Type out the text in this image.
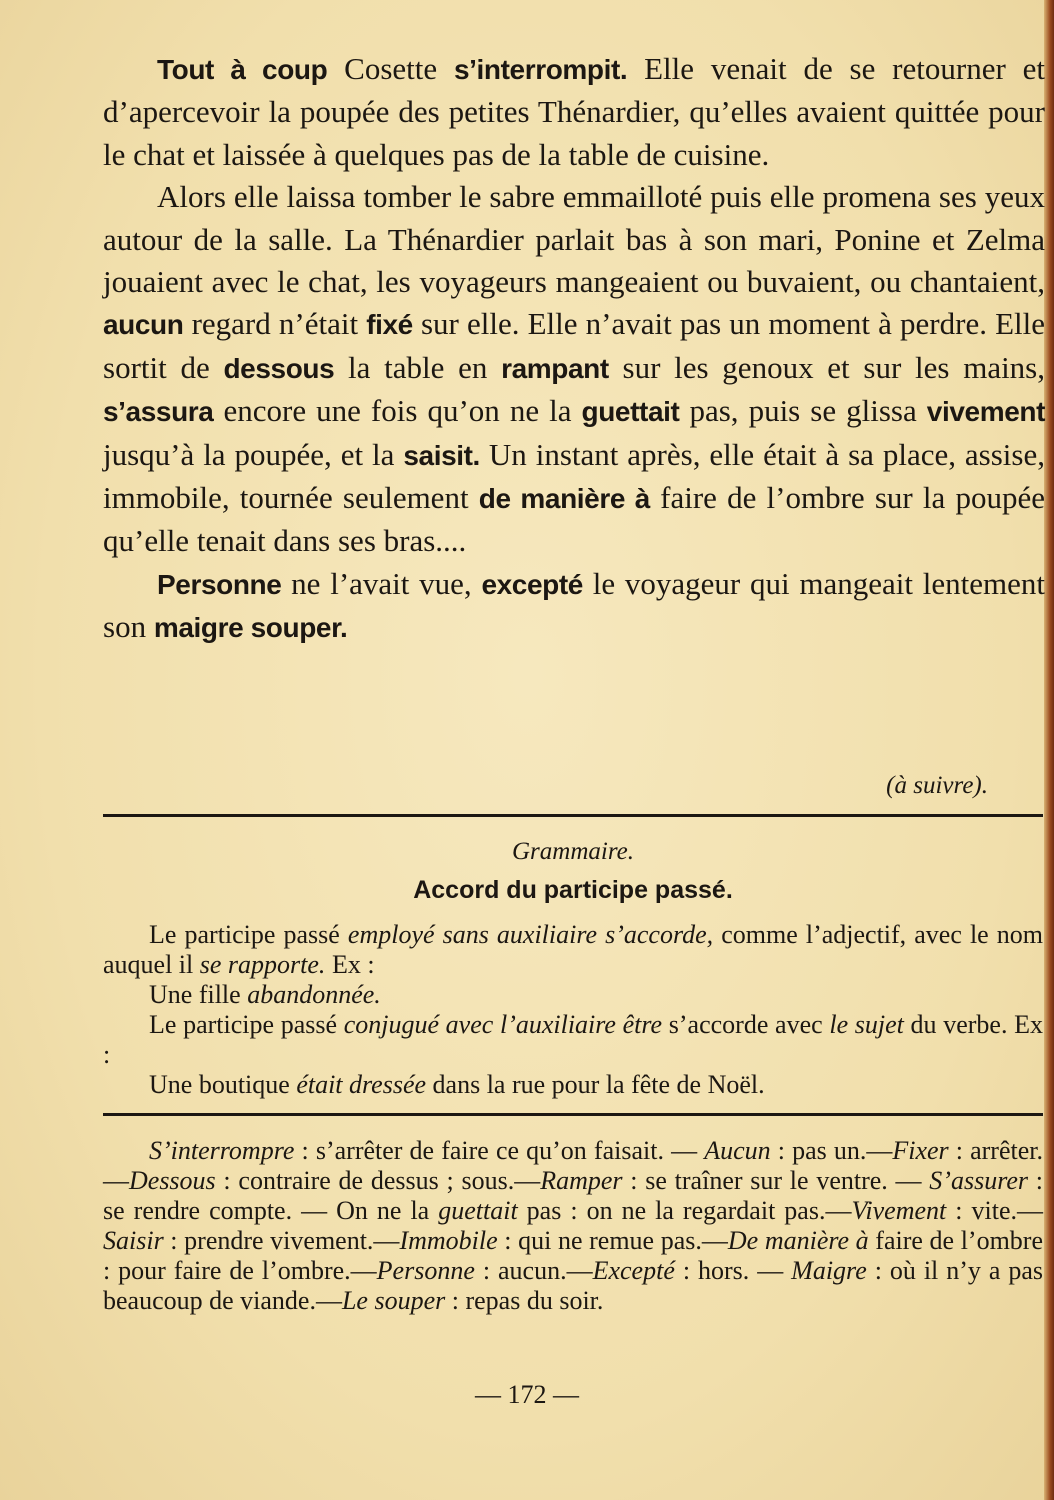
Tout à coup Cosette s’interrompit. Elle venait de se retourner et d’apercevoir la poupée des petites Thénardier, qu’elles avaient quittée pour le chat et laissée à quelques pas de la table de cuisine.

Alors elle laissa tomber le sabre emmailloté puis elle promena ses yeux autour de la salle. La Thénardier parlait bas à son mari, Ponine et Zelma jouaient avec le chat, les voyageurs mangeaient ou buvaient, ou chantaient, aucun regard n’était fixé sur elle. Elle n’avait pas un moment à perdre. Elle sortit de dessous la table en rampant sur les genoux et sur les mains, s’assura encore une fois qu’on ne la guettait pas, puis se glissa vivement jusqu’à la poupée, et la saisit. Un instant après, elle était à sa place, assise, immobile, tournée seulement de manière à faire de l’ombre sur la poupée qu’elle tenait dans ses bras....

Personne ne l’avait vue, excepté le voyageur qui mangeait lentement son maigre souper.

(à suivre).
Grammaire.
Accord du participe passé.

Le participe passé employé sans auxiliaire s’accorde, comme l’adjectif, avec le nom auquel il se rapporte. Ex :

Une fille abandonnée.

Le participe passé conjugué avec l’auxiliaire être s’accorde avec le sujet du verbe. Ex :

Une boutique était dressée dans la rue pour la fête de Noël.

S’interrompre : s’arrêter de faire ce qu’on faisait. — Aucun : pas un.—Fixer : arrêter.—Dessous : contraire de dessus ; sous.—Ramper : se traîner sur le ventre. — S’assurer : se rendre compte. — On ne la guettait pas : on ne la regardait pas.—Vivement : vite.—Saisir : prendre vivement.—Immobile : qui ne remue pas.—De manière à faire de l’ombre : pour faire de l’ombre.—Personne : aucun.—Excepté : hors. — Maigre : où il n’y a pas beaucoup de viande.—Le souper : repas du soir.

— 172 —
